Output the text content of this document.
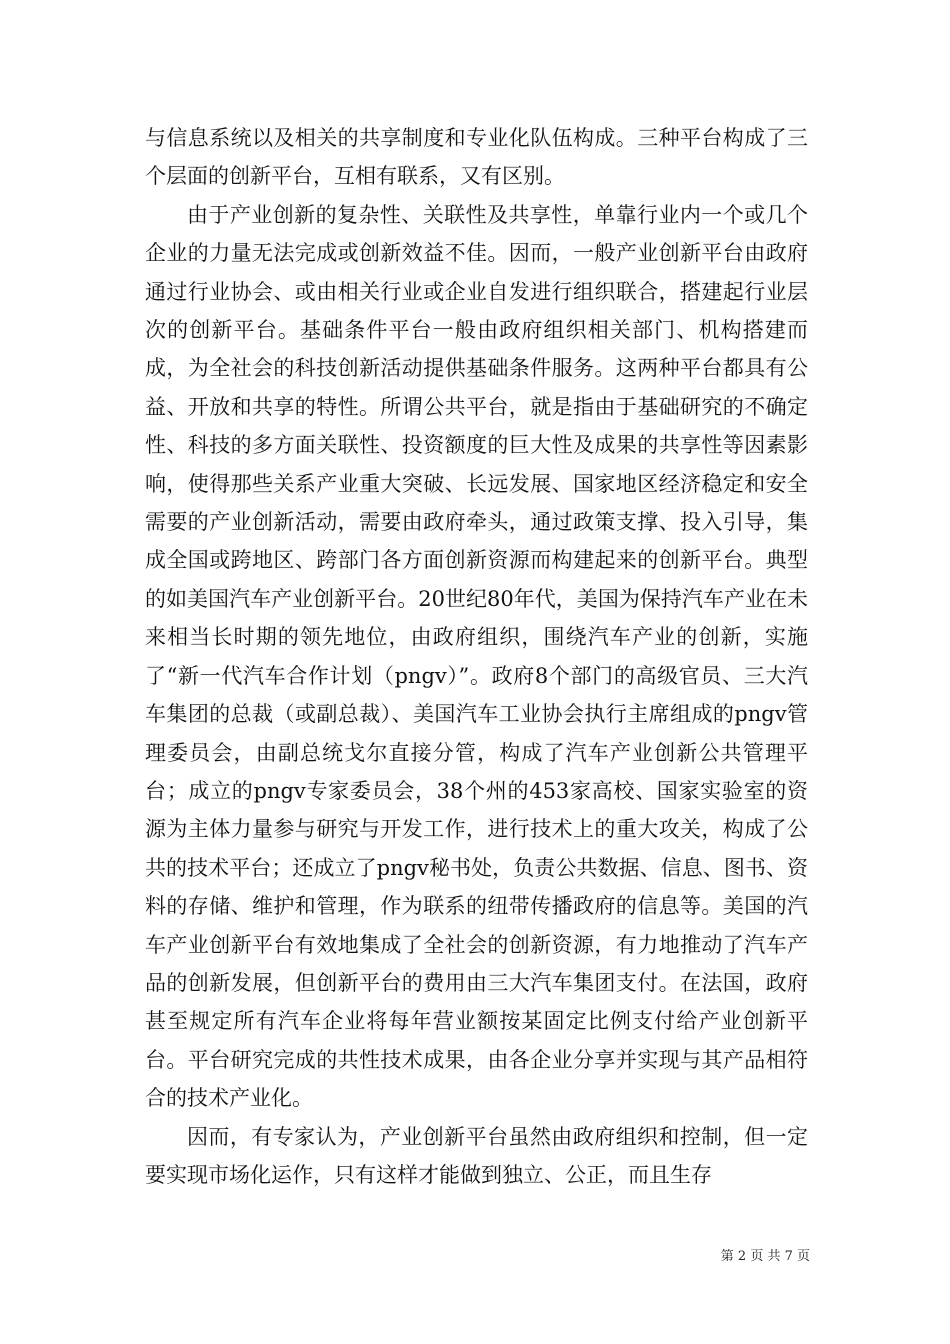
与信息系统以及相关的共享制度和专业化队伍构成。三种平台构成了三个层面的创新平台，互相有联系，又有区别。

由于产业创新的复杂性、关联性及共享性，单靠行业内一个或几个企业的力量无法完成或创新效益不佳。因而，一般产业创新平台由政府通过行业协会、或由相关行业或企业自发进行组织联合，搭建起行业层次的创新平台。基础条件平台一般由政府组织相关部门、机构搭建而成，为全社会的科技创新活动提供基础条件服务。这两种平台都具有公益、开放和共享的特性。所谓公共平台，就是指由于基础研究的不确定性、科技的多方面关联性、投资额度的巨大性及成果的共享性等因素影响，使得那些关系产业重大突破、长远发展、国家地区经济稳定和安全需要的产业创新活动，需要由政府牵头，通过政策支撑、投入引导，集成全国或跨地区、跨部门各方面创新资源而构建起来的创新平台。典型的如美国汽车产业创新平台。20世纪80年代，美国为保持汽车产业在未来相当长时期的领先地位，由政府组织，围绕汽车产业的创新，实施了“新一代汽车合作计划（pngv）”。政府8个部门的高级官员、三大汽车集团的总裁（或副总裁）、美国汽车工业协会执行主席组成的pngv管理委员会，由副总统戈尔直接分管，构成了汽车产业创新公共管理平台；成立的pngv专家委员会，38个州的453家高校、国家实验室的资源为主体力量参与研究与开发工作，进行技术上的重大攻关，构成了公共的技术平台；还成立了pngv秘书处，负责公共数据、信息、图书、资料的存储、维护和管理，作为联系的纽带传播政府的信息等。美国的汽车产业创新平台有效地集成了全社会的创新资源，有力地推动了汽车产品的创新发展，但创新平台的费用由三大汽车集团支付。在法国，政府甚至规定所有汽车企业将每年营业额按某固定比例支付给产业创新平台。平台研究完成的共性技术成果，由各企业分享并实现与其产品相符合的技术产业化。

因而，有专家认为，产业创新平台虽然由政府组织和控制，但一定要实现市场化运作，只有这样才能做到独立、公正，而且生存

第 2 页 共 7 页
